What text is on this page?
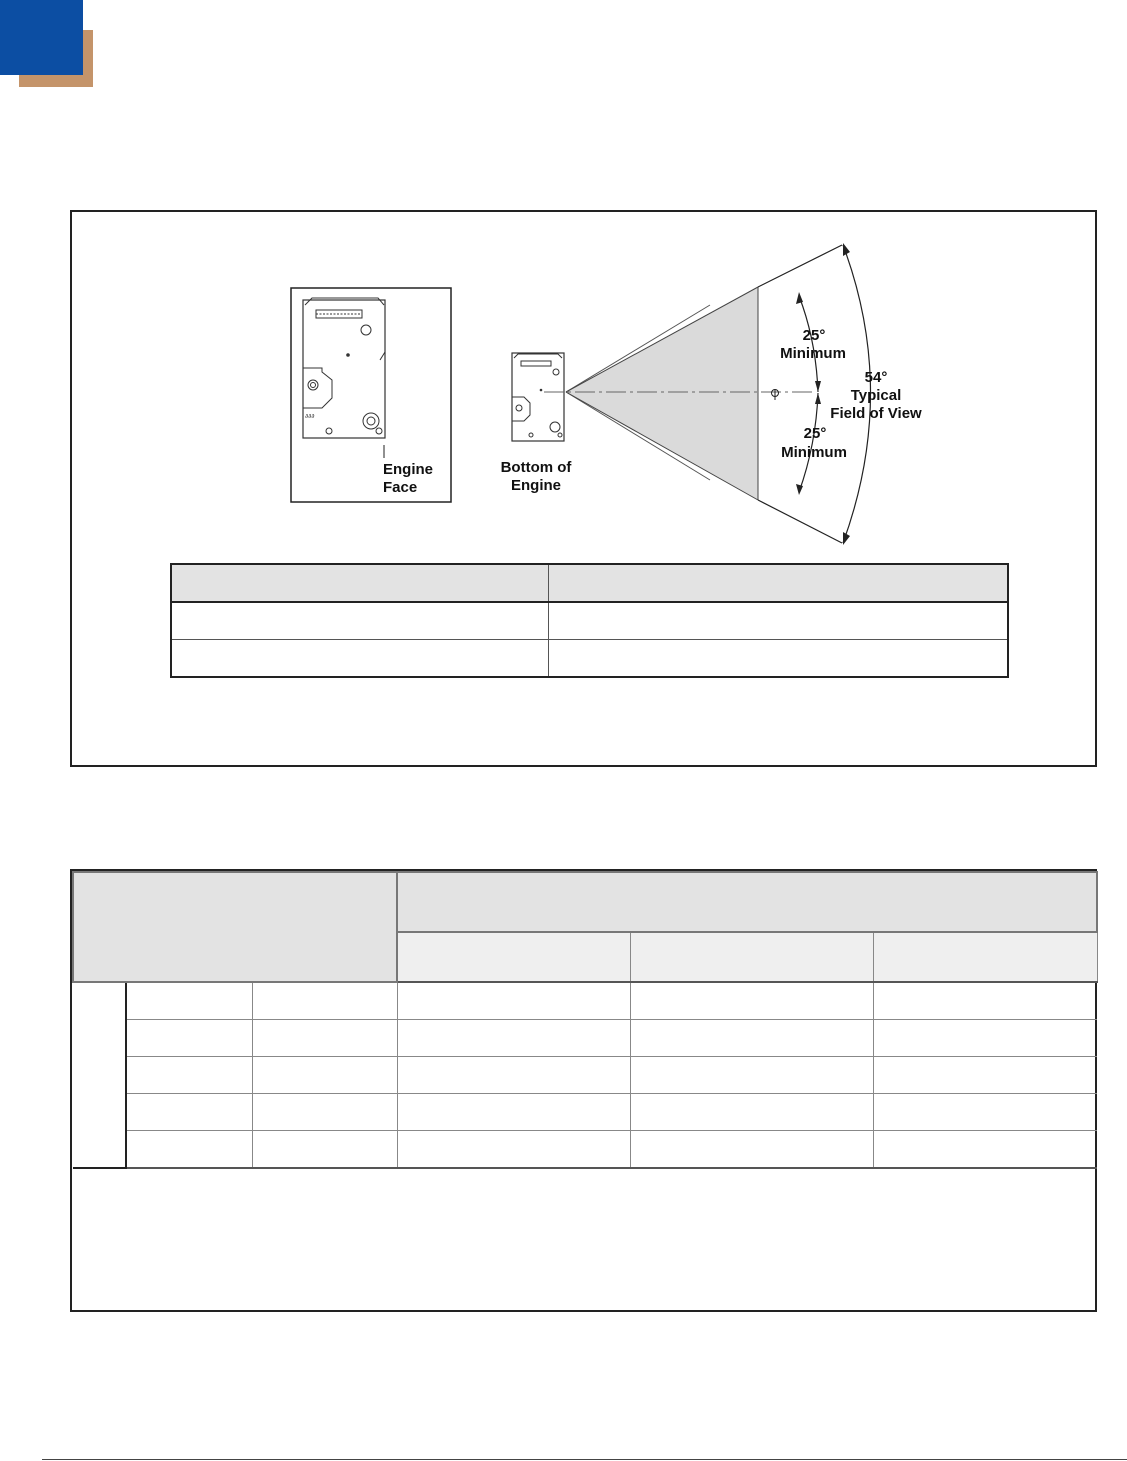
∂∂∂
Engine
Face
Bottom of
Engine
25°
Minimum
25°
Minimum
54°
Typical
Field of View
